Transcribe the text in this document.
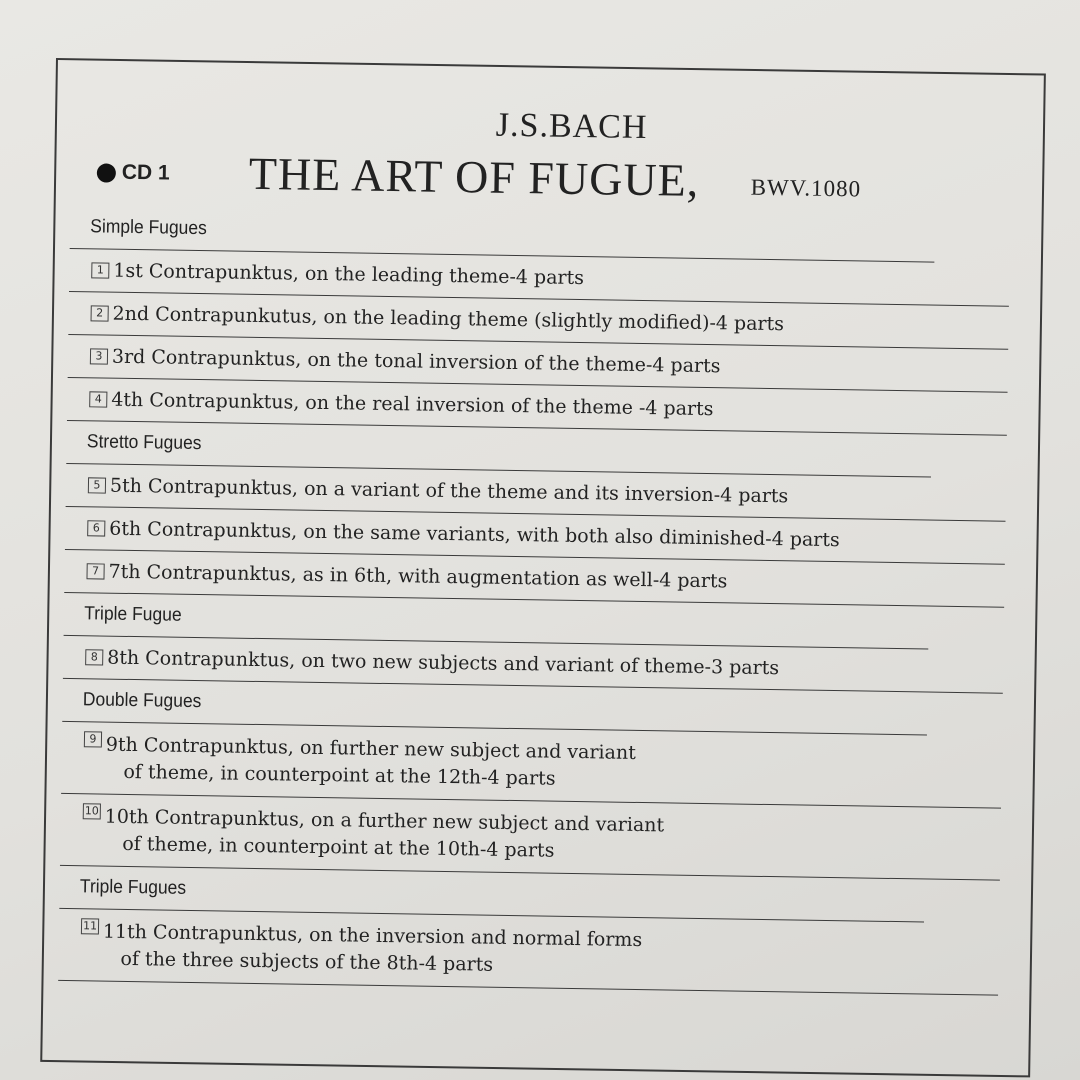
J.S.BACH
CD 1 THE ART OF FUGUE, BWV.1080
Simple Fugues
1 1st Contrapunktus, on the leading theme-4 parts
2 2nd Contrapunkutus, on the leading theme (slightly modified)-4 parts
3 3rd Contrapunktus, on the tonal inversion of the theme-4 parts
4 4th Contrapunktus, on the real inversion of the theme -4 parts
Stretto Fugues
5 5th Contrapunktus, on a variant of the theme and its inversion-4 parts
6 6th Contrapunktus, on the same variants, with both also diminished-4 parts
7 7th Contrapunktus, as in 6th, with augmentation as well-4 parts
Triple Fugue
8 8th Contrapunktus, on two new subjects and variant of theme-3 parts
Double Fugues
9 9th Contrapunktus, on further new subject and variant
of theme, in counterpoint at the 12th-4 parts
10 10th Contrapunktus, on a further new subject and variant
of theme, in counterpoint at the 10th-4 parts
Triple Fugues
11 11th Contrapunktus, on the inversion and normal forms
of the three subjects of the 8th-4 parts
